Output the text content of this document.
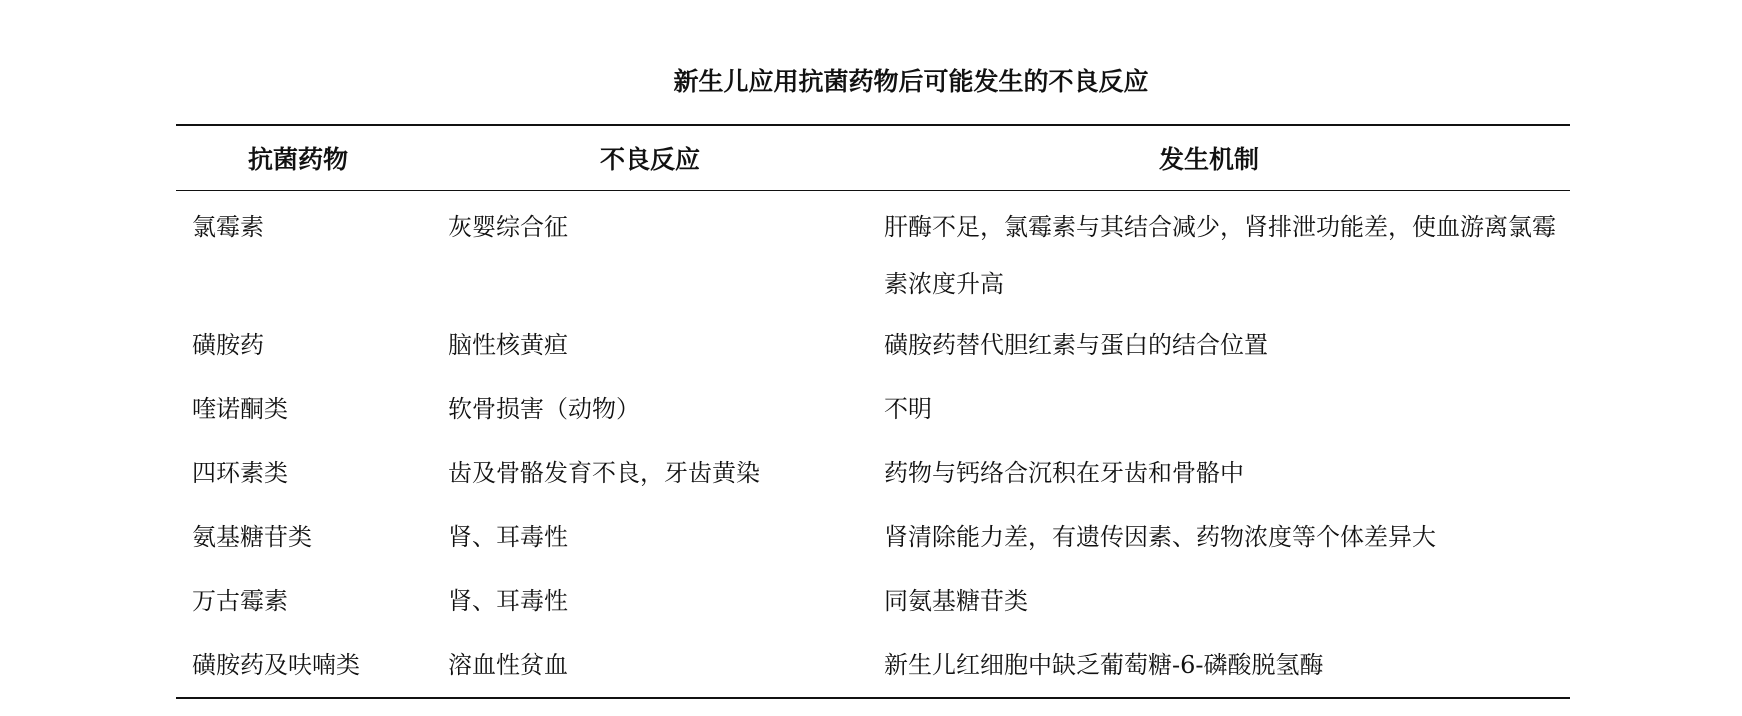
新生儿应用抗菌药物后可能发生的不良反应
抗菌药物	不良反应	发生机制
氯霉素	灰婴综合征	肝酶不足，氯霉素与其结合减少，肾排泄功能差，使血游离氯霉素浓度升高
磺胺药	脑性核黄疸	磺胺药替代胆红素与蛋白的结合位置
喹诺酮类	软骨损害（动物）	不明
四环素类	齿及骨骼发育不良，牙齿黄染	药物与钙络合沉积在牙齿和骨骼中
氨基糖苷类	肾、耳毒性	肾清除能力差，有遗传因素、药物浓度等个体差异大
万古霉素	肾、耳毒性	同氨基糖苷类
磺胺药及呋喃类	溶血性贫血	新生儿红细胞中缺乏葡萄糖-6-磷酸脱氢酶
